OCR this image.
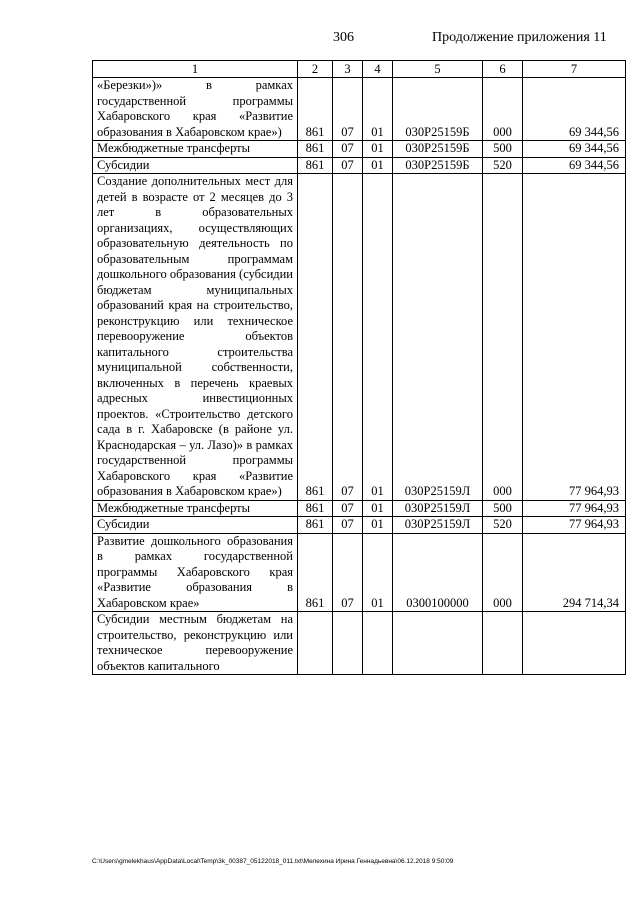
306	Продолжение приложения 11
1	2	3	4	5	6	7
«Березки»)» в рамках государственной программы Хабаровского края «Развитие образования в Хабаровском крае»)	861	07	01	030Р25159Б	000	69 344,56
Межбюджетные трансферты	861	07	01	030Р25159Б	500	69 344,56
Субсидии	861	07	01	030Р25159Б	520	69 344,56
Создание дополнительных мест для детей в возрасте от 2 месяцев до 3 лет в образовательных организациях, осуществляющих образовательную деятельность по образовательным программам дошкольного образования (субсидии бюджетам муниципальных образований края на строительство, реконструкцию или техническое перевооружение объектов капитального строительства муниципальной собственности, включенных в перечень краевых адресных инвестиционных проектов. «Строительство детского сада в г. Хабаровске (в районе ул. Краснодарская – ул. Лазо)» в рамках государственной программы Хабаровского края «Развитие образования в Хабаровском крае»)	861	07	01	030Р25159Л	000	77 964,93
Межбюджетные трансферты	861	07	01	030Р25159Л	500	77 964,93
Субсидии	861	07	01	030Р25159Л	520	77 964,93
Развитие дошкольного образования в рамках государственной программы Хабаровского края «Развитие образования в Хабаровском крае»	861	07	01	0300100000	000	294 714,34
Субсидии местным бюджетам на строительство, реконструкцию или техническое перевооружение объектов капитального						
C:\Users\gmelekhaus\AppData\Local\Temp\3k_00387_05122018_011.txt\Мелехина Ирина Геннадьевна\06.12.2018 9:50:09
